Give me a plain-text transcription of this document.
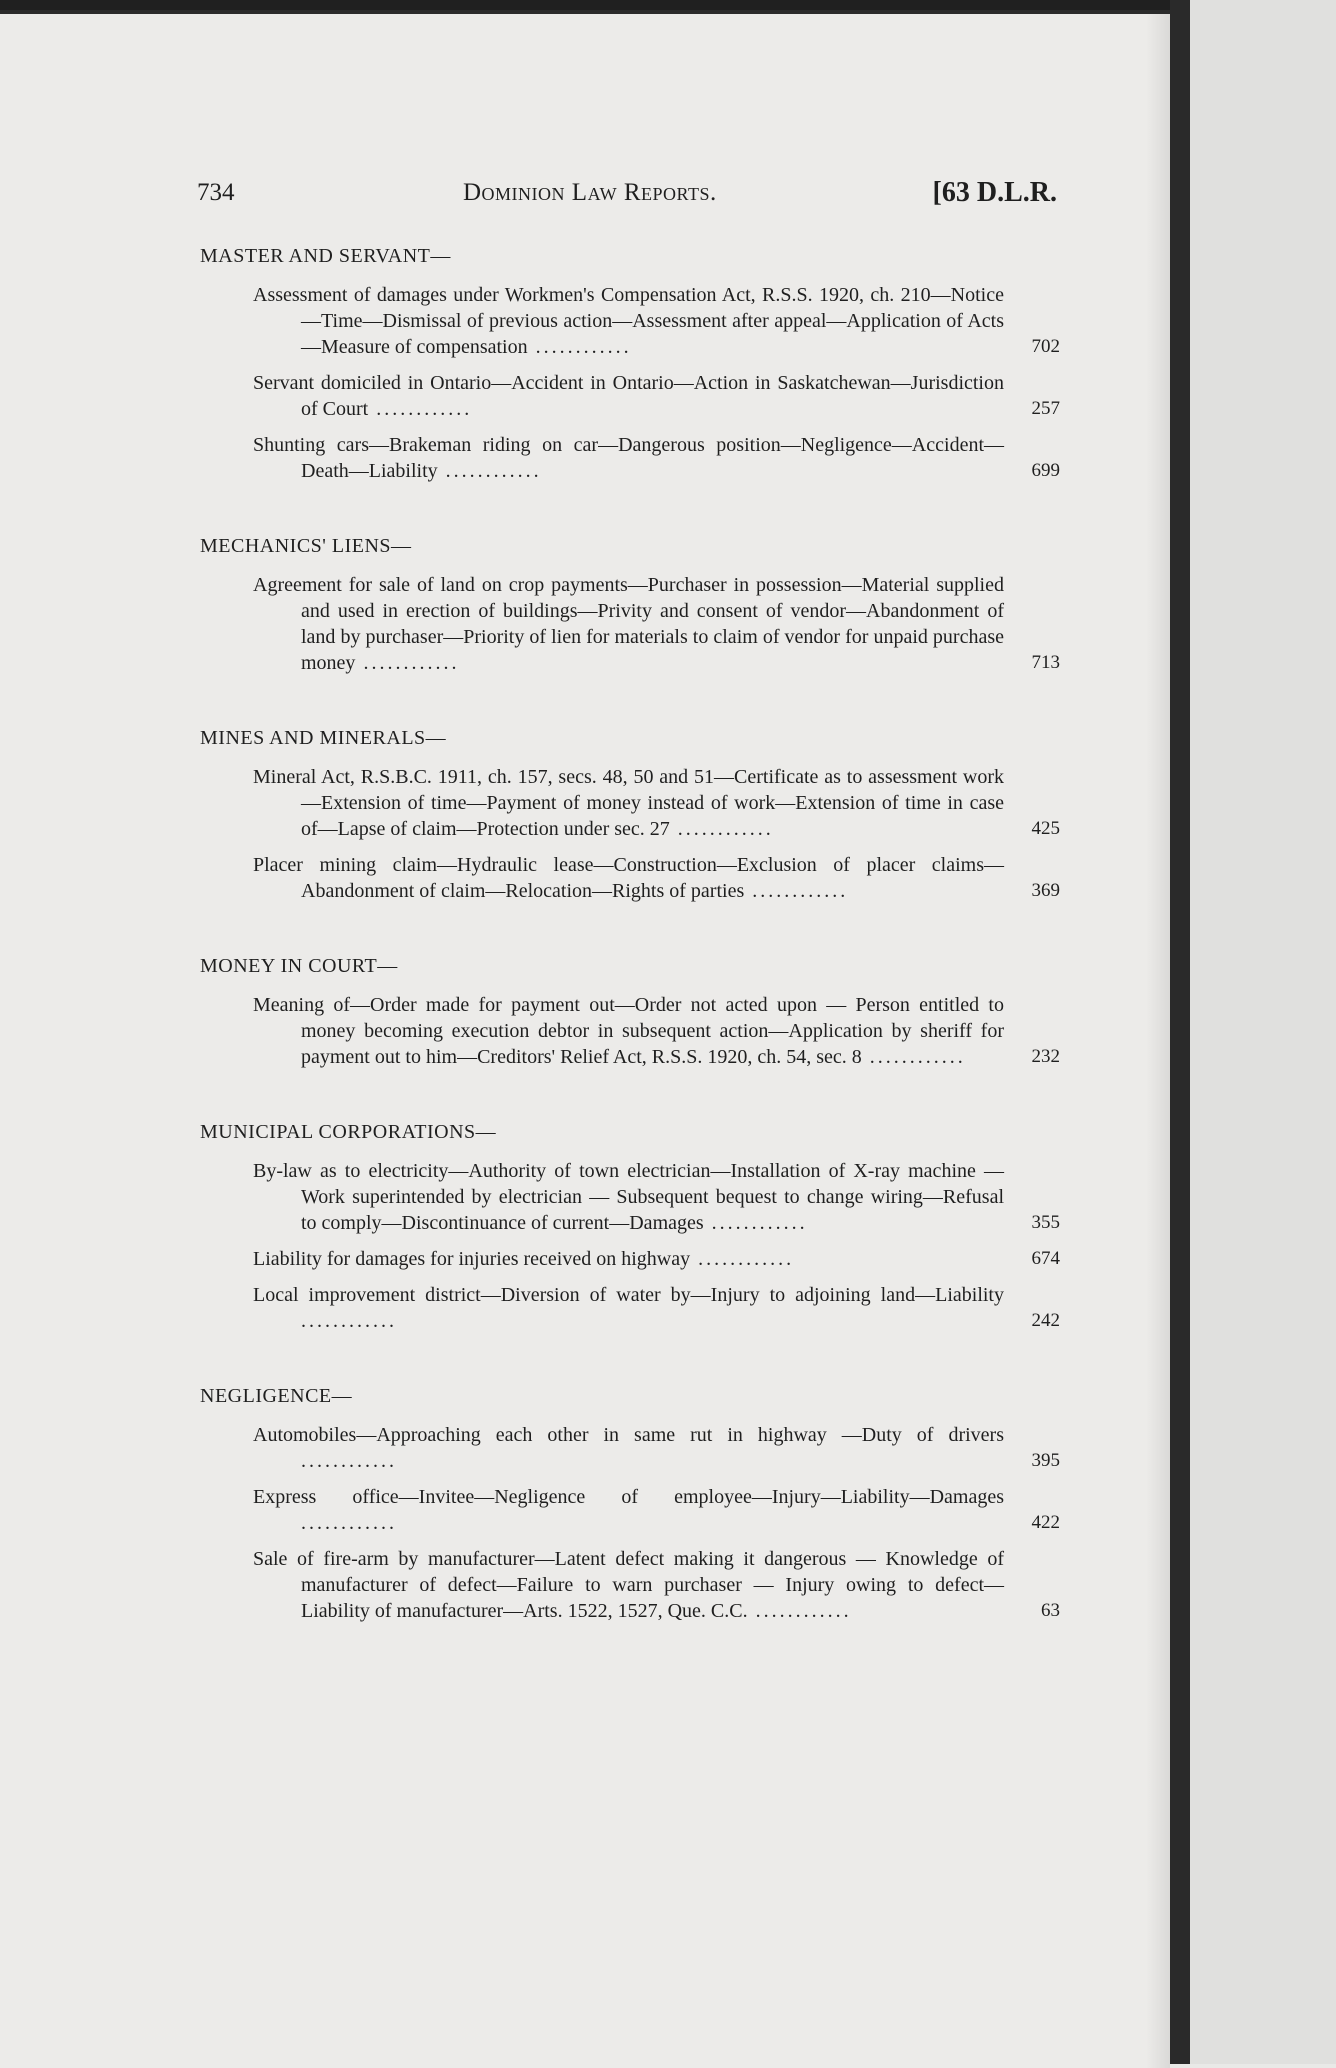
734	Dominion Law Reports.	[63 D.L.R.
MASTER AND SERVANT—
Assessment of damages under Workmen's Compensation Act, R.S.S. 1920, ch. 210—Notice—Time—Dismissal of previous action—Assessment after appeal—Application of Acts—Measure of compensation ............	702
Servant domiciled in Ontario—Accident in Ontario—Action in Saskatchewan—Jurisdiction of Court ............	257
Shunting cars—Brakeman riding on car—Dangerous position—Negligence—Accident—Death—Liability ............	699
MECHANICS' LIENS—
Agreement for sale of land on crop payments—Purchaser in possession—Material supplied and used in erection of buildings—Privity and consent of vendor—Abandonment of land by purchaser—Priority of lien for materials to claim of vendor for unpaid purchase money ............	713
MINES AND MINERALS—
Mineral Act, R.S.B.C. 1911, ch. 157, secs. 48, 50 and 51—Certificate as to assessment work—Extension of time—Payment of money instead of work—Extension of time in case of—Lapse of claim—Protection under sec. 27 ............	425
Placer mining claim—Hydraulic lease—Construction—Exclusion of placer claims—Abandonment of claim—Relocation—Rights of parties ............	369
MONEY IN COURT—
Meaning of—Order made for payment out—Order not acted upon — Person entitled to money becoming execution debtor in subsequent action—Application by sheriff for payment out to him—Creditors' Relief Act, R.S.S. 1920, ch. 54, sec. 8 ............	232
MUNICIPAL CORPORATIONS—
By-law as to electricity—Authority of town electrician—Installation of X-ray machine — Work superintended by electrician — Subsequent bequest to change wiring—Refusal to comply—Discontinuance of current—Damages ............	355
Liability for damages for injuries received on highway ............	674
Local improvement district—Diversion of water by—Injury to adjoining land—Liability ............	242
NEGLIGENCE—
Automobiles—Approaching each other in same rut in highway —Duty of drivers ............	395
Express office—Invitee—Negligence of employee—Injury—Liability—Damages ............	422
Sale of fire-arm by manufacturer—Latent defect making it dangerous — Knowledge of manufacturer of defect—Failure to warn purchaser — Injury owing to defect—Liability of manufacturer—Arts. 1522, 1527, Que. C.C. ............	63
